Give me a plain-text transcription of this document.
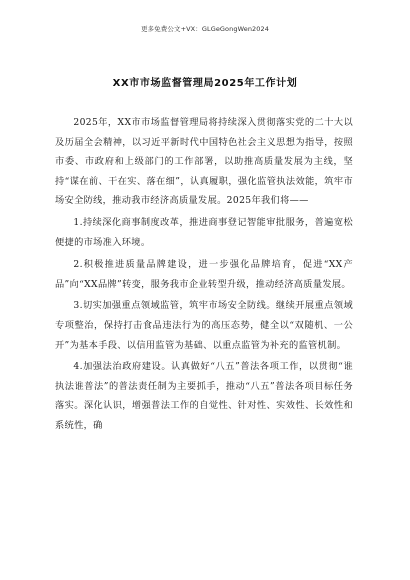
更多免费公文+VX：GLGeGongWen2024
XX市市场监督管理局2025年工作计划

2025年，XX市市场监督管理局将持续深入贯彻落实党的二十大以及历届全会精神，以习近平新时代中国特色社会主义思想为指导，按照市委、市政府和上级部门的工作部署，以助推高质量发展为主线，坚持“谋在前、干在实、落在细”，认真履职，强化监管执法效能，筑牢市场安全防线，推动我市经济高质量发展。2025年我们将——

1.持续深化商事制度改革，推进商事登记智能审批服务，普遍宽松便捷的市场准入环境。

2.积极推进质量品牌建设，进一步强化品牌培育，促进“XX产品”向“XX品牌”转变，服务我市企业转型升级，推动经济高质量发展。

3.切实加强重点领域监管，筑牢市场安全防线。继续开展重点领域专项整治，保持打击食品违法行为的高压态势，健全以“双随机、一公开”为基本手段、以信用监管为基础、以重点监管为补充的监管机制。

4.加强法治政府建设。认真做好“八五”普法各项工作，以贯彻“谁执法谁普法”的普法责任制为主要抓手，推动“八五”普法各项目标任务落实。深化认识，增强普法工作的自觉性、针对性、实效性、长效性和系统性，确
